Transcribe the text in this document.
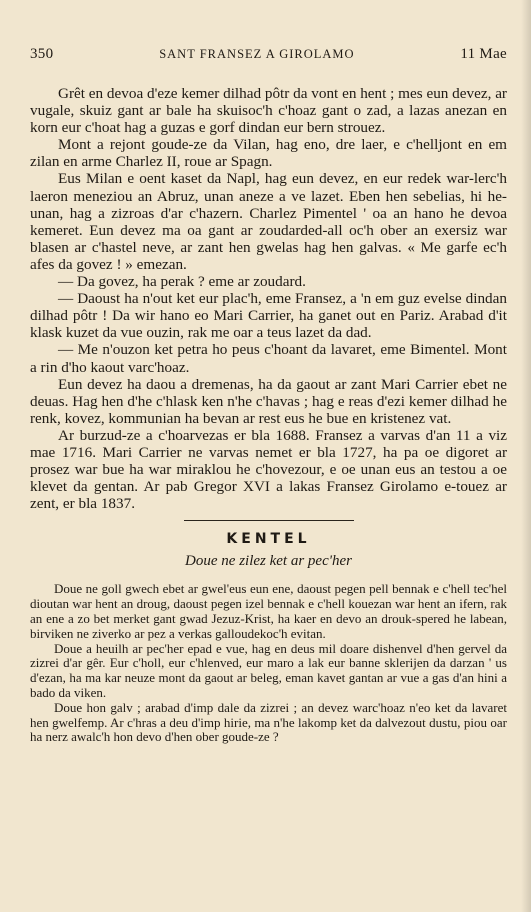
350	SANT FRANSEZ A GIROLAMO	11 Mae

Grêt en devoa d'eze kemer dilhad pôtr da vont en hent ; mes eun devez, ar vugale, skuiz gant ar bale ha skuisoc'h c'hoaz gant o zad, a lazas anezan en korn eur c'hoat hag a guzas e gorf dindan eur bern strouez.

Mont a rejont goude-ze da Vilan, hag eno, dre laer, e c'helljont en em zilan en arme Charlez II, roue ar Spagn.

Eus Milan e oent kaset da Napl, hag eun devez, en eur redek war-lerc'h laeron meneziou an Abruz, unan aneze a ve lazet. Eben hen sebelias, hi he-unan, hag a zizroas d'ar c'hazern. Charlez Pimentel ' oa an hano he devoa kemeret. Eun devez ma oa gant ar zoudarded-all oc'h ober an exersiz war blasen ar c'hastel neve, ar zant hen gwelas hag hen galvas. « Me garfe ec'h afes da govez ! » emezan.

— Da govez, ha perak ? eme ar zoudard.

— Daoust ha n'out ket eur plac'h, eme Fransez, a 'n em guz evelse dindan dilhad pôtr ! Da wir hano eo Mari Carrier, ha ganet out en Pariz. Arabad d'it klask kuzet da vue ouzin, rak me oar a teus lazet da dad.

— Me n'ouzon ket petra ho peus c'hoant da lavaret, eme Bimentel. Mont a rin d'ho kaout varc'hoaz.

Eun devez ha daou a dremenas, ha da gaout ar zant Mari Carrier ebet ne deuas. Hag hen d'he c'hlask ken n'he c'havas ; hag e reas d'ezi kemer dilhad he renk, kovez, kommunian ha bevan ar rest eus he bue en kristenez vat.

Ar burzud-ze a c'hoarvezas er bla 1688. Fransez a varvas d'an 11 a viz mae 1716. Mari Carrier ne varvas nemet er bla 1727, ha pa oe digoret ar prosez war bue ha war miraklou he c'hovezour, e oe unan eus an testou a oe klevet da gentan. Ar pab Gregor XVI a lakas Fransez Girolamo e-touez ar zent, er bla 1837.

KENTEL
Doue ne zilez ket ar pec'her

Doue ne goll gwech ebet ar gwel'eus eun ene, daoust pegen pell bennak e c'hell tec'hel dioutan war hent an droug, daoust pegen izel bennak e c'hell kouezan war hent an ifern, rak an ene a zo bet merket gant gwad Jezuz-Krist, ha kaer en devo an drouk-spered he labean, birviken ne ziverko ar pez a verkas galloudekoc'h evitan.

Doue a heuilh ar pec'her epad e vue, hag en deus mil doare dishenvel d'hen gervel da zizrei d'ar gêr. Eur c'holl, eur c'hlenved, eur maro a lak eur banne sklerijen da darzan ' us d'ezan, ha ma kar neuze mont da gaout ar beleg, eman kavet gantan ar vue a gas d'an hini a bado da viken.

Doue hon galv ; arabad d'imp dale da zizrei ; an devez warc'hoaz n'eo ket da lavaret hen gwelfemp. Ar c'hras a deu d'imp hirie, ma n'he lakomp ket da dalvezout dustu, piou oar ha nerz awalc'h hon devo d'hen ober goude-ze ?
